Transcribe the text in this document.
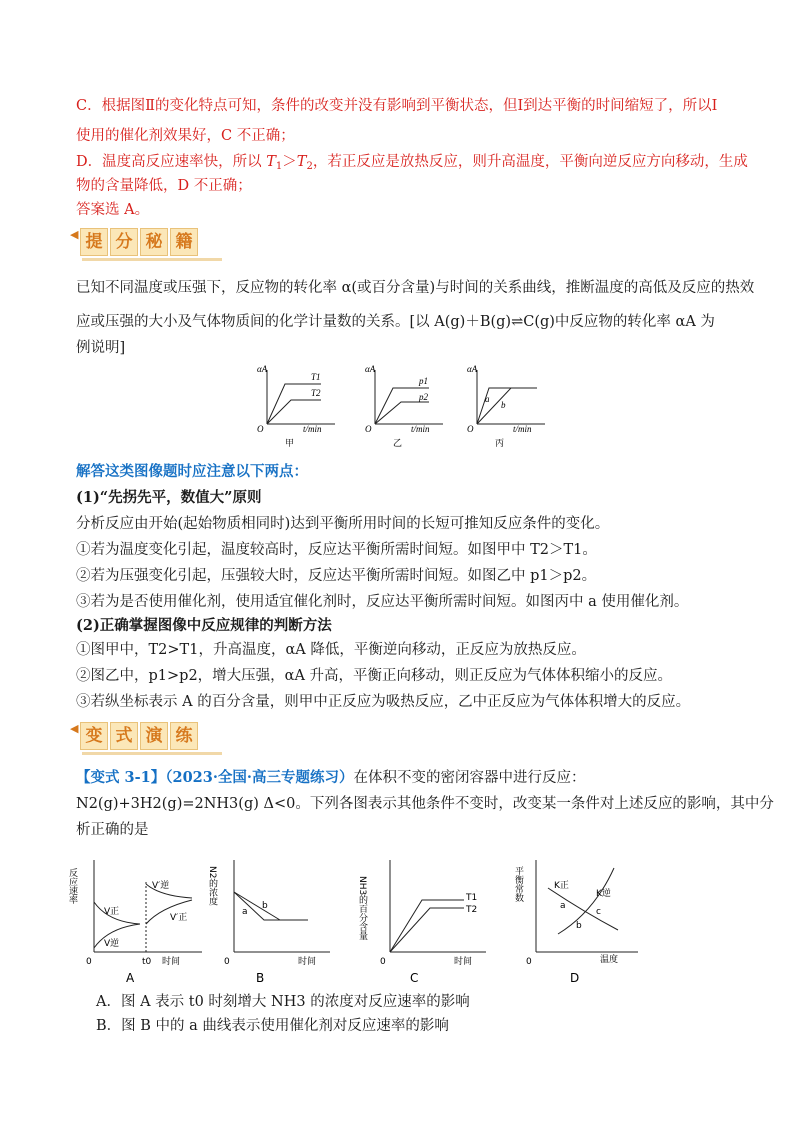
C．根据图Ⅱ的变化特点可知，条件的改变并没有影响到平衡状态，但Ⅰ到达平衡的时间缩短了，所以Ⅰ
使用的催化剂效果好，C 不正确；
D．温度高反应速率快，所以 $T_1>T_2$，若正反应是放热反应，则升高温度，平衡向逆反应方向移动，生成
物的含量降低，D 不正确；
答案选 A。
◀ 提 分 秘 籍
已知不同温度或压强下，反应物的转化率 α(或百分含量)与时间的关系曲线，推断温度的高低及反应的热效
应或压强的大小及气体物质间的化学计量数的关系。[以 A(g)＋B(g)⇌C(g)中反应物的转化率 αA 为
例说明]
αA
O	t/min
T1
T2
甲
αA
O	t/min
p1
p2
乙
αA
O	t/min
a
b
丙
解答这类图像题时应注意以下两点：
(1)“先拐先平，数值大”原则
分析反应由开始(起始物质相同时)达到平衡所用时间的长短可推知反应条件的变化。
①若为温度变化引起，温度较高时，反应达平衡所需时间短。如图甲中 T2＞T1。
②若为压强变化引起，压强较大时，反应达平衡所需时间短。如图乙中 p1＞p2。
③若为是否使用催化剂，使用适宜催化剂时，反应达平衡所需时间短。如图丙中 a 使用催化剂。
(2)正确掌握图像中反应规律的判断方法
①图甲中，T2>T1，升高温度，αA 降低，平衡逆向移动，正反应为放热反应。
②图乙中，p1>p2，增大压强，αA 升高，平衡正向移动，则正反应为气体体积缩小的反应。
③若纵坐标表示 A 的百分含量，则甲中正反应为吸热反应，乙中正反应为气体体积增大的反应。
◀ 变 式 演 练
【变式 3-1】（2023·全国·高三专题练习）在体积不变的密闭容器中进行反应：
N2(g)+3H2(g)=2NH3(g) Δ<0。下列各图表示其他条件不变时，改变某一条件对上述反应的影响，其中分
析正确的是
反应速率
0	t0 时间
V正
V逆
V′逆
V′正
A
N2的浓度
0	时间
a
b
B
NH3的百分含量
0	时间
T1
T2
C
平衡常数
0	温度
K正
K逆
a
b
c
D
A．图 A 表示 t0 时刻增大 NH3 的浓度对反应速率的影响
B．图 B 中的 a 曲线表示使用催化剂对反应速率的影响
